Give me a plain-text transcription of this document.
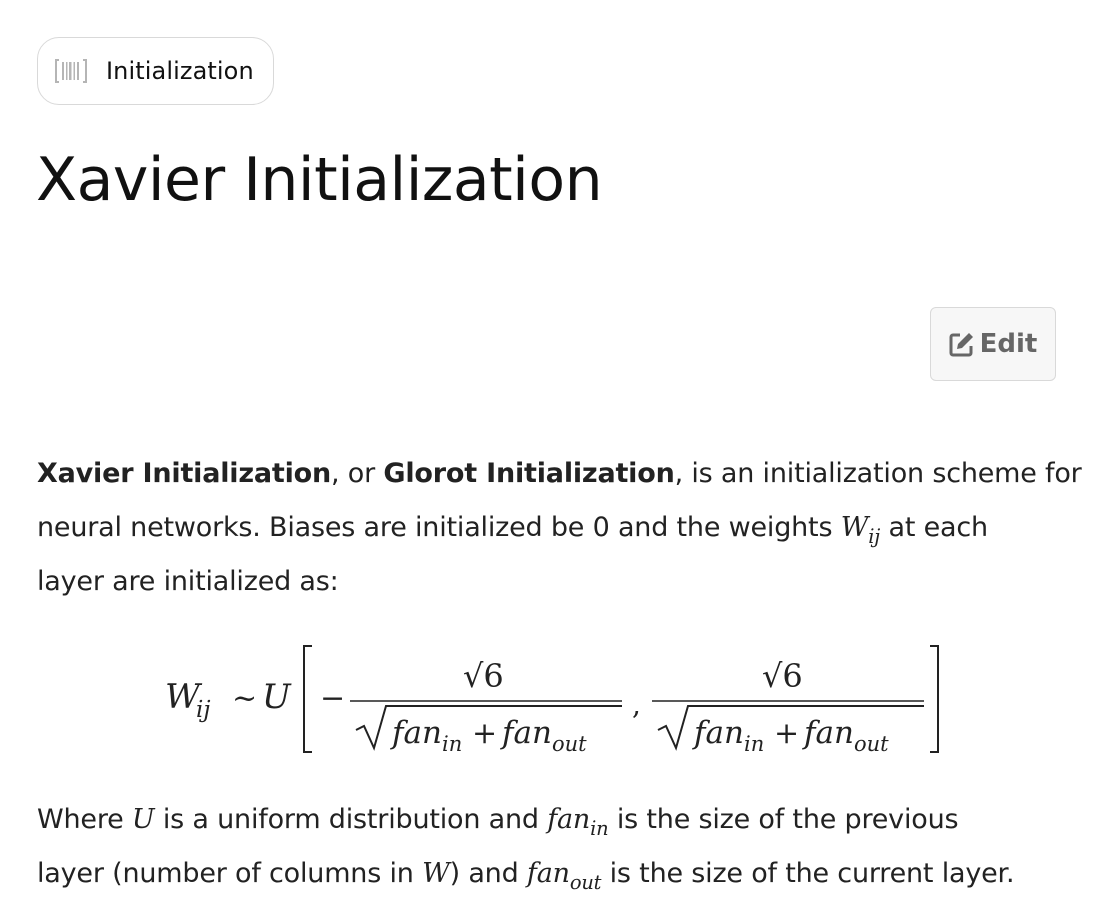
Initialization
Xavier Initialization
Edit

Xavier Initialization, or Glorot Initialization, is an initialization scheme for
neural networks. Biases are initialized be 0 and the weights $W_{ij}$ at each
layer are initialized as:

W
ij ~ U −
√6
fan in + fan out
,
√6
fan in + fan out

Where U is a uniform distribution and fan$_{in}$ is the size of the previous
layer (number of columns in W) and fan$_{out}$ is the size of the current layer.
